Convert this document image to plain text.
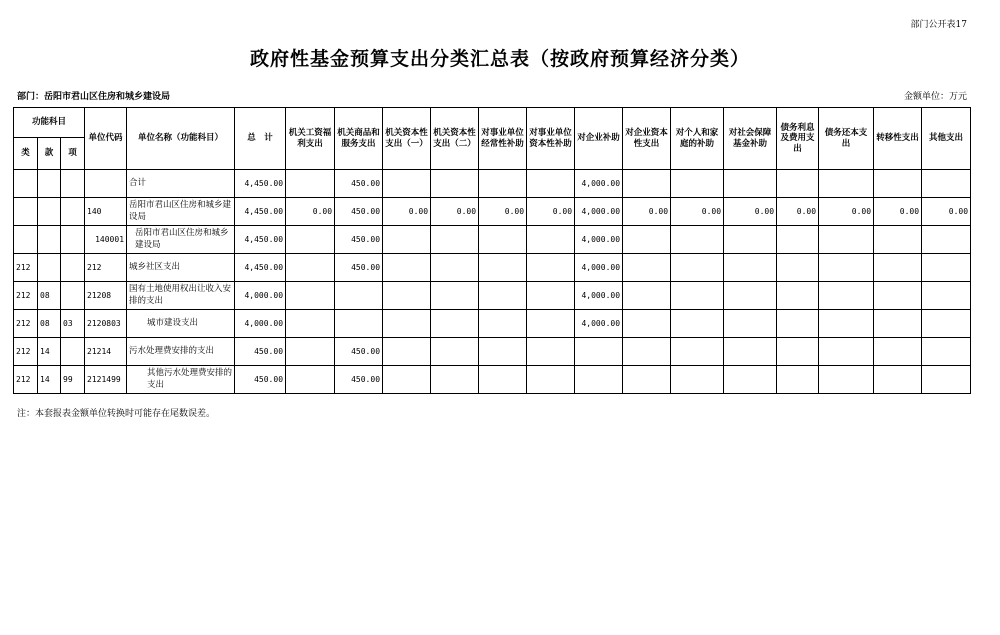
部门公开表17
政府性基金预算支出分类汇总表（按政府预算经济分类）
部门：岳阳市君山区住房和城乡建设局	金额单位：万元
功能科目			单位代码	单位名称（功能科目）	总　计	机关工资福利支出	机关商品和服务支出	机关资本性支出（一）	机关资本性支出（二）	对事业单位经常性补助	对事业单位资本性补助	对企业补助	对企业资本性支出	对个人和家庭的补助	对社会保障基金补助	债务利息及费用支出	债务还本支出	转移性支出	其他支出
类	款	项																	
				合计	4,450.00		450.00					4,000.00							
			140	岳阳市君山区住房和城乡建设局	4,450.00	0.00	450.00	0.00	0.00	0.00	0.00	4,000.00	0.00	0.00	0.00	0.00	0.00	0.00	0.00
			140001	岳阳市君山区住房和城乡建设局	4,450.00		450.00					4,000.00							
212			212	城乡社区支出	4,450.00		450.00					4,000.00							
212	08		21208	国有土地使用权出让收入安排的支出	4,000.00							4,000.00							
212	08	03	2120803	城市建设支出	4,000.00							4,000.00							
212	14		21214	污水处理费安排的支出	450.00		450.00												
212	14	99	2121499	其他污水处理费安排的支出	450.00		450.00												
注：本套报表金额单位转换时可能存在尾数误差。
